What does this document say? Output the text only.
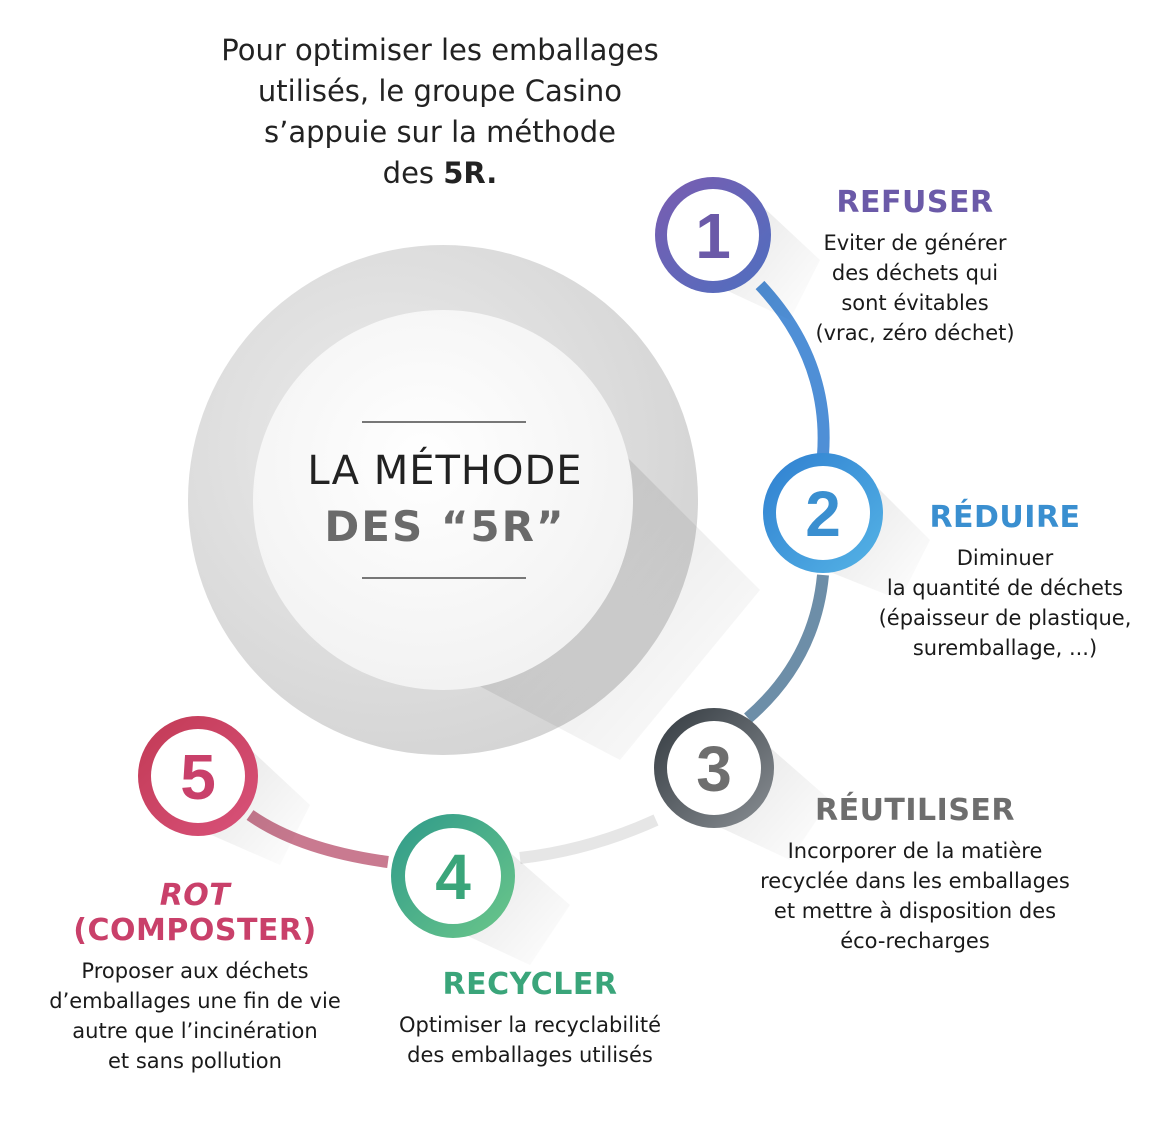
1
2
3
4
5
Pour optimiser les emballages
utilisés, le groupe Casino
s’appuie sur la méthode
des 5R.
LA MÉTHODE
DES “5R”
REFUSER
Eviter de générer
des déchets qui
sont évitables
(vrac, zéro déchet)
RÉDUIRE
Diminuer
la quantité de déchets
(épaisseur de plastique,
suremballage, ...)
RÉUTILISER
Incorporer de la matière
recyclée dans les emballages
et mettre à disposition des
éco-recharges
RECYCLER
Optimiser la recyclabilité
des emballages utilisés
ROT
(COMPOSTER)
Proposer aux déchets
d’emballages une fin de vie
autre que l’incinération
et sans pollution
